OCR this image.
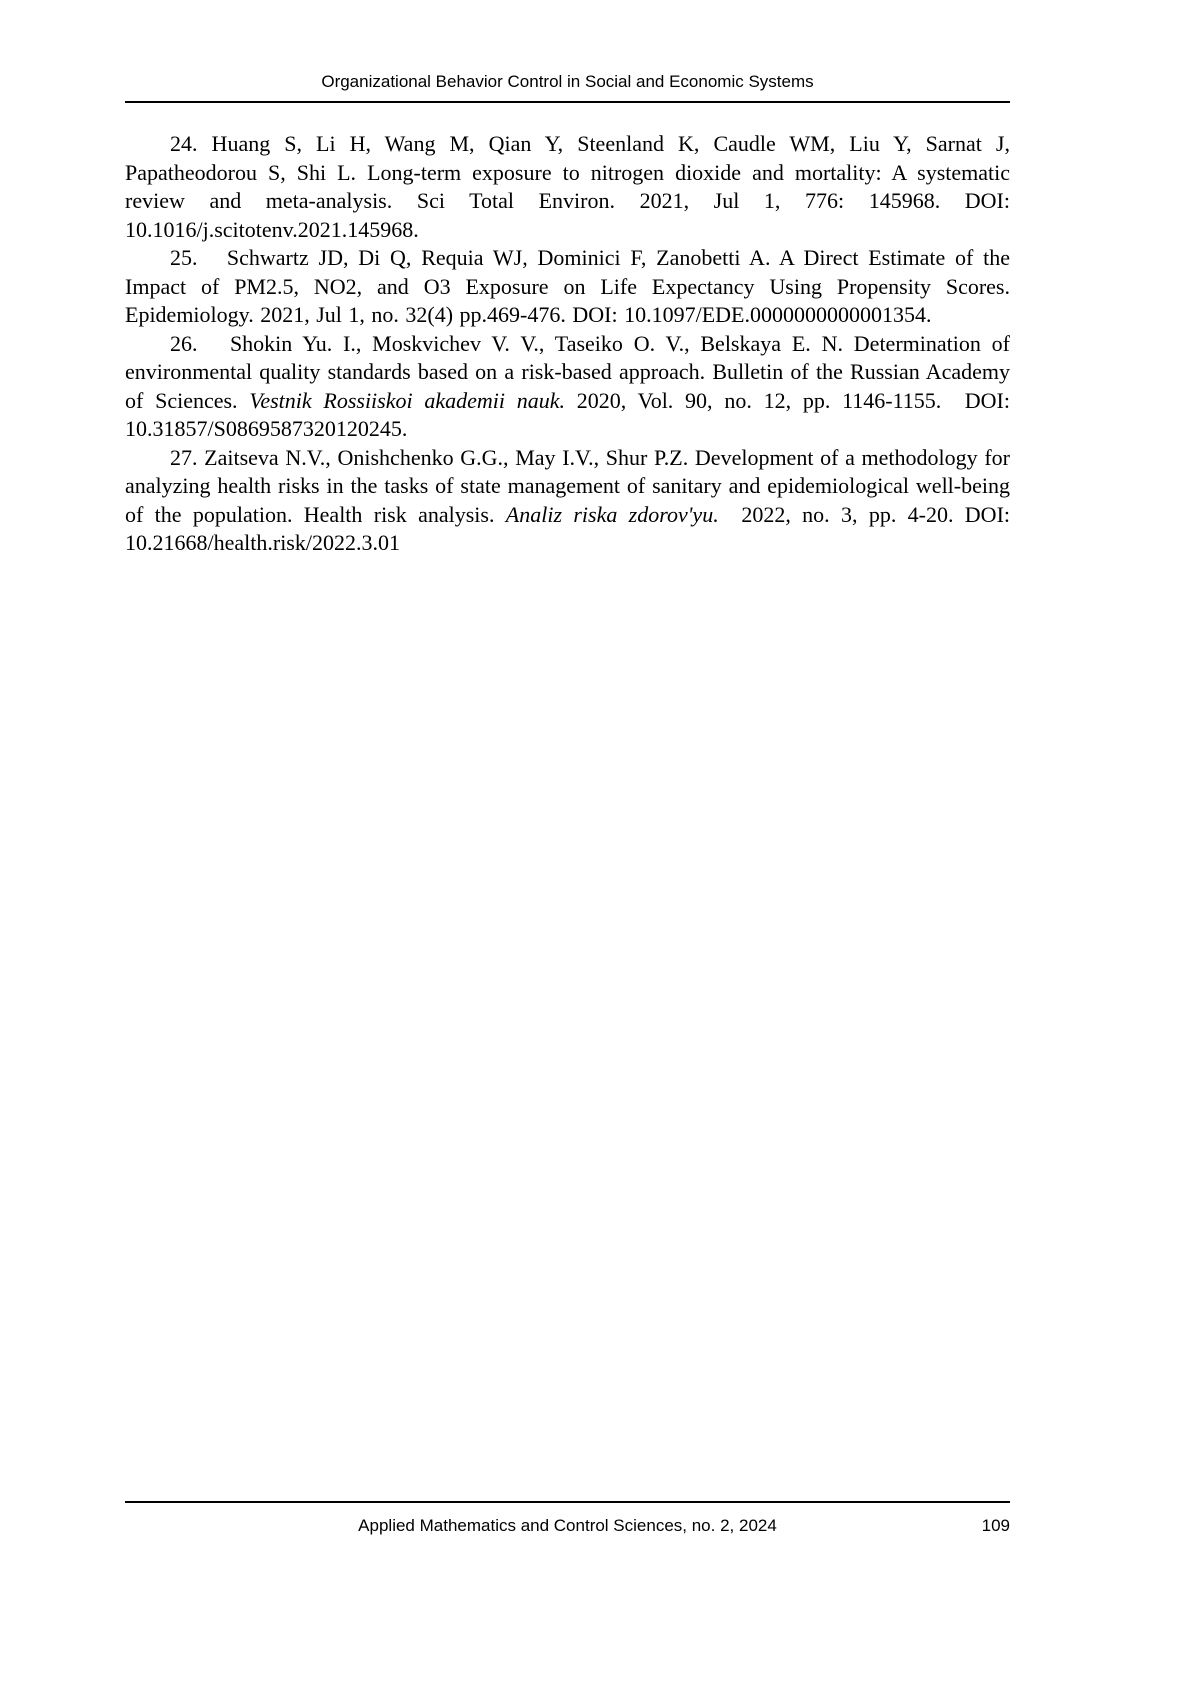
Organizational Behavior Control in Social and Economic Systems

24. Huang S, Li H, Wang M, Qian Y, Steenland K, Caudle WM, Liu Y, Sarnat J, Papatheodorou S, Shi L. Long-term exposure to nitrogen dioxide and mortality: A systematic review and meta-analysis. Sci Total Environ. 2021, Jul 1, 776: 145968. DOI: 10.1016/j.scitotenv.2021.145968.

25.   Schwartz JD, Di Q, Requia WJ, Dominici F, Zanobetti A. A Direct Estimate of the Impact of PM2.5, NO2, and O3 Exposure on Life Expectancy Using Propensity Scores. Epidemiology. 2021, Jul 1, no. 32(4) pp.469-476. DOI: 10.1097/EDE.0000000000001354.

26.   Shokin Yu. I., Moskvichev V. V., Taseiko O. V., Belskaya E. N. Determination of environmental quality standards based on a risk-based approach. Bulletin of the Russian Academy of Sciences. Vestnik Rossiiskoi akademii nauk. 2020, Vol. 90, no. 12, pp. 1146-1155.  DOI: 10.31857/S0869587320120245.

27. Zaitseva N.V., Onishchenko G.G., May I.V., Shur P.Z. Development of a methodology for analyzing health risks in the tasks of state management of sanitary and epidemiological well-being of the population. Health risk analysis. Analiz riska zdorov'yu.  2022, no. 3, pp. 4-20. DOI: 10.21668/health.risk/2022.3.01

Applied Mathematics and Control Sciences, no. 2, 2024	109
